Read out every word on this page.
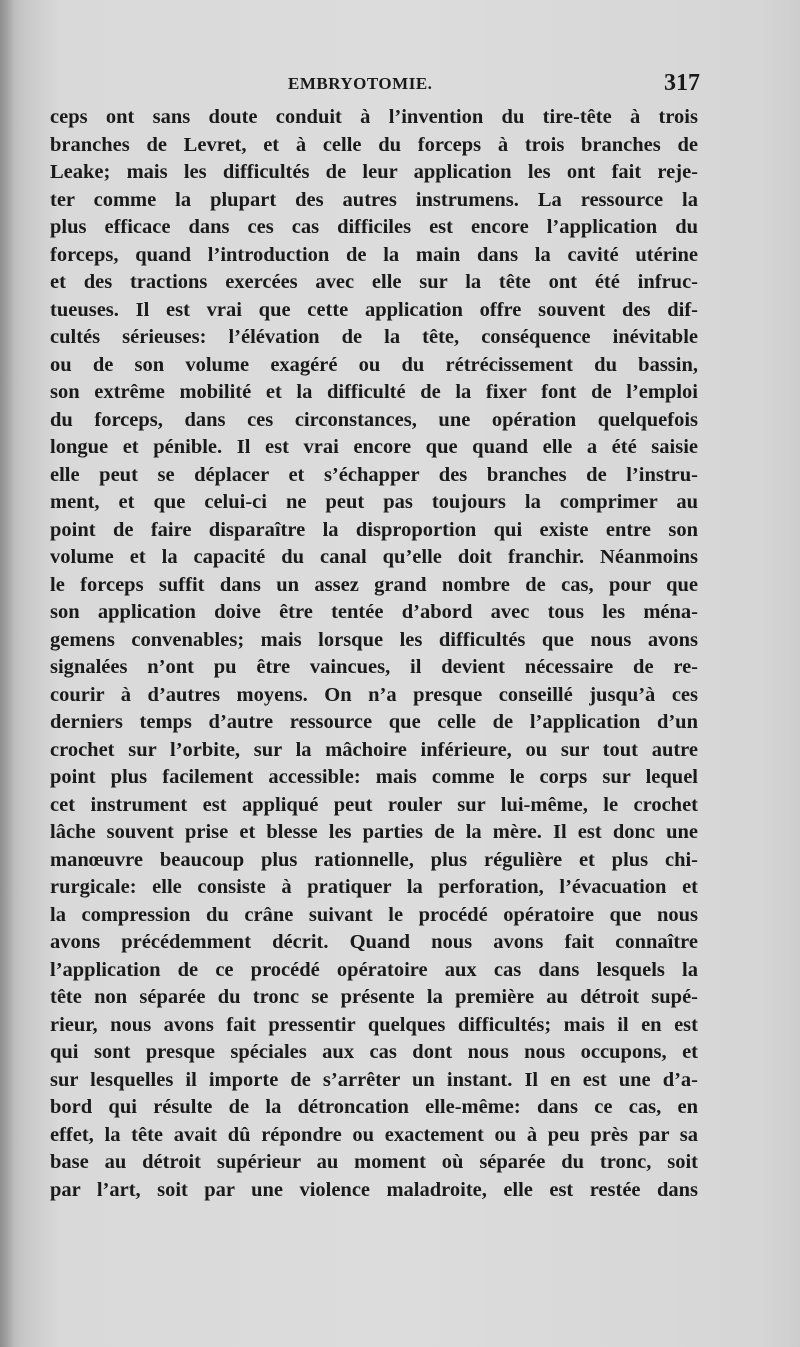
EMBRYOTOMIE.	317
ceps ont sans doute conduit à l’invention du tire-tête à trois
branches de Levret, et à celle du forceps à trois branches de
Leake; mais les difficultés de leur application les ont fait reje-
ter comme la plupart des autres instrumens. La ressource la
plus efficace dans ces cas difficiles est encore l’application du
forceps, quand l’introduction de la main dans la cavité utérine
et des tractions exercées avec elle sur la tête ont été infruc-
tueuses. Il est vrai que cette application offre souvent des dif-
cultés sérieuses: l’élévation de la tête, conséquence inévitable
ou de son volume exagéré ou du rétrécissement du bassin,
son extrême mobilité et la difficulté de la fixer font de l’emploi
du forceps, dans ces circonstances, une opération quelquefois
longue et pénible. Il est vrai encore que quand elle a été saisie
elle peut se déplacer et s’échapper des branches de l’instru-
ment, et que celui-ci ne peut pas toujours la comprimer au
point de faire disparaître la disproportion qui existe entre son
volume et la capacité du canal qu’elle doit franchir. Néanmoins
le forceps suffit dans un assez grand nombre de cas, pour que
son application doive être tentée d’abord avec tous les ména-
gemens convenables; mais lorsque les difficultés que nous avons
signalées n’ont pu être vaincues, il devient nécessaire de re-
courir à d’autres moyens. On n’a presque conseillé jusqu’à ces
derniers temps d’autre ressource que celle de l’application d’un
crochet sur l’orbite, sur la mâchoire inférieure, ou sur tout autre
point plus facilement accessible: mais comme le corps sur lequel
cet instrument est appliqué peut rouler sur lui-même, le crochet
lâche souvent prise et blesse les parties de la mère. Il est donc une
manœuvre beaucoup plus rationnelle, plus régulière et plus chi-
rurgicale: elle consiste à pratiquer la perforation, l’évacuation et
la compression du crâne suivant le procédé opératoire que nous
avons précédemment décrit. Quand nous avons fait connaître
l’application de ce procédé opératoire aux cas dans lesquels la
tête non séparée du tronc se présente la première au détroit supé-
rieur, nous avons fait pressentir quelques difficultés; mais il en est
qui sont presque spéciales aux cas dont nous nous occupons, et
sur lesquelles il importe de s’arrêter un instant. Il en est une d’a-
bord qui résulte de la détroncation elle-même: dans ce cas, en
effet, la tête avait dû répondre ou exactement ou à peu près par sa
base au détroit supérieur au moment où séparée du tronc, soit
par l’art, soit par une violence maladroite, elle est restée dans
